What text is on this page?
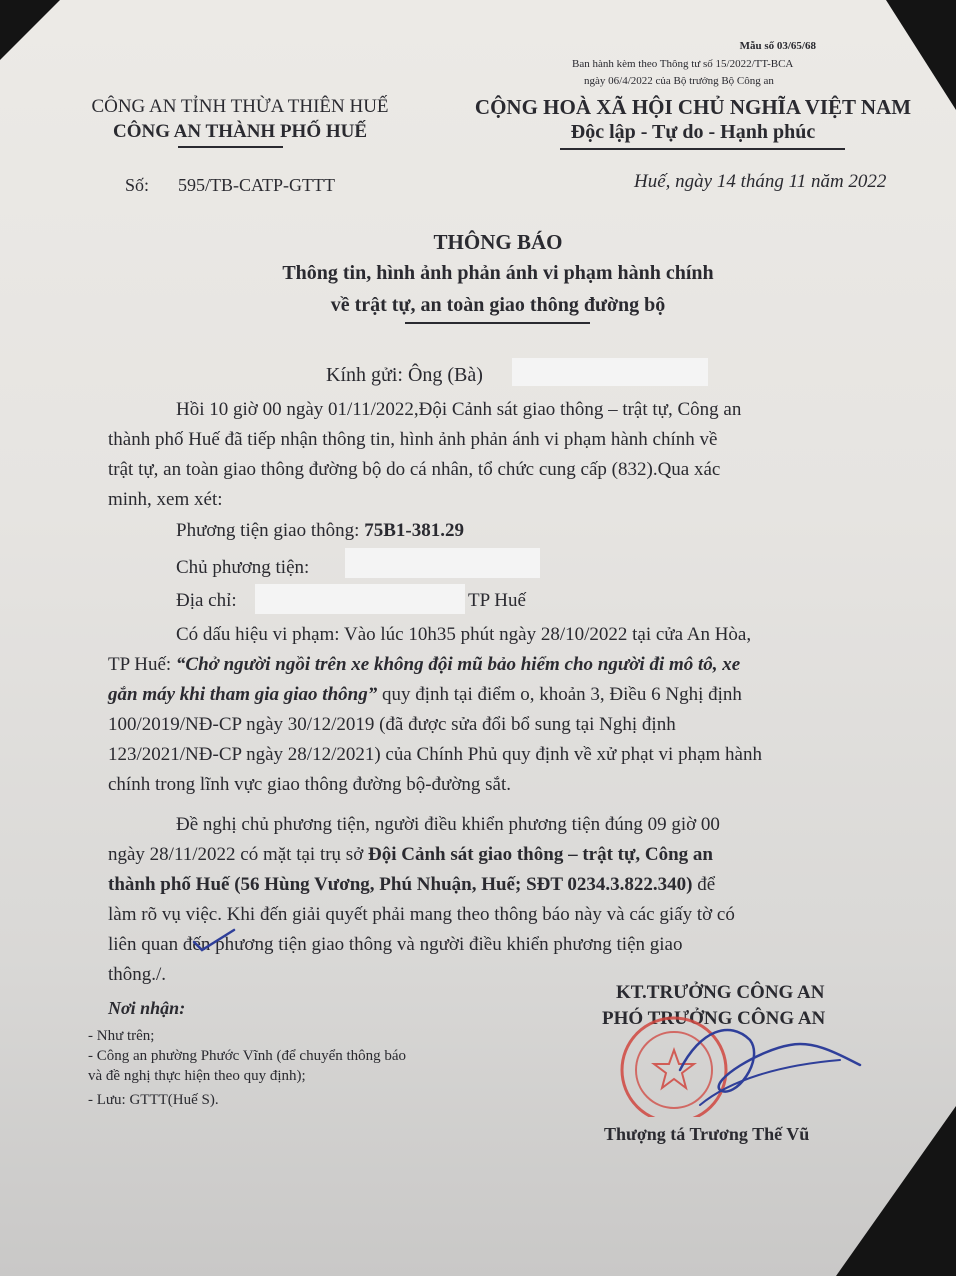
Mẫu số 03/65/68
Ban hành kèm theo Thông tư số 15/2022/TT-BCA
ngày 06/4/2022 của Bộ trưởng Bộ Công an
CÔNG AN TỈNH THỪA THIÊN HUẾ
CÔNG AN THÀNH PHỐ HUẾ
CỘNG HOÀ XÃ HỘI CHỦ NGHĨA VIỆT NAM
Độc lập - Tự do - Hạnh phúc
Số: 595/TB-CATP-GTTT	Huế, ngày 14 tháng 11 năm 2022
THÔNG BÁO
Thông tin, hình ảnh phản ánh vi phạm hành chính
về trật tự, an toàn giao thông đường bộ
Kính gửi: Ông (Bà)
Hồi 10 giờ 00 ngày 01/11/2022,Đội Cảnh sát giao thông – trật tự, Công an
thành phố Huế đã tiếp nhận thông tin, hình ảnh phản ánh vi phạm hành chính về
trật tự, an toàn giao thông đường bộ do cá nhân, tổ chức cung cấp (832).Qua xác
minh, xem xét:
Phương tiện giao thông: 75B1-381.29
Chủ phương tiện:
Địa chỉ:	TP Huế
Có dấu hiệu vi phạm: Vào lúc 10h35 phút ngày 28/10/2022 tại cửa An Hòa,
TP Huế: “Chở người ngồi trên xe không đội mũ bảo hiểm cho người đi mô tô, xe
gắn máy khi tham gia giao thông” quy định tại điểm o, khoản 3, Điều 6 Nghị định
100/2019/NĐ-CP ngày 30/12/2019 (đã được sửa đổi bổ sung tại Nghị định
123/2021/NĐ-CP ngày 28/12/2021) của Chính Phủ quy định về xử phạt vi phạm hành
chính trong lĩnh vực giao thông đường bộ-đường sắt.
Đề nghị chủ phương tiện, người điều khiển phương tiện đúng 09 giờ 00
ngày 28/11/2022 có mặt tại trụ sở Đội Cảnh sát giao thông – trật tự, Công an
thành phố Huế (56 Hùng Vương, Phú Nhuận, Huế; SĐT 0234.3.822.340) để
làm rõ vụ việc. Khi đến giải quyết phải mang theo thông báo này và các giấy tờ có
liên quan đến phương tiện giao thông và người điều khiển phương tiện giao
thông./.
Nơi nhận:
- Như trên;
- Công an phường Phước Vĩnh (để chuyển thông báo
và đề nghị thực hiện theo quy định);
- Lưu: GTTT(Huế S).
KT.TRƯỞNG CÔNG AN
PHÓ TRƯỞNG CÔNG AN
Thượng tá Trương Thế Vũ
